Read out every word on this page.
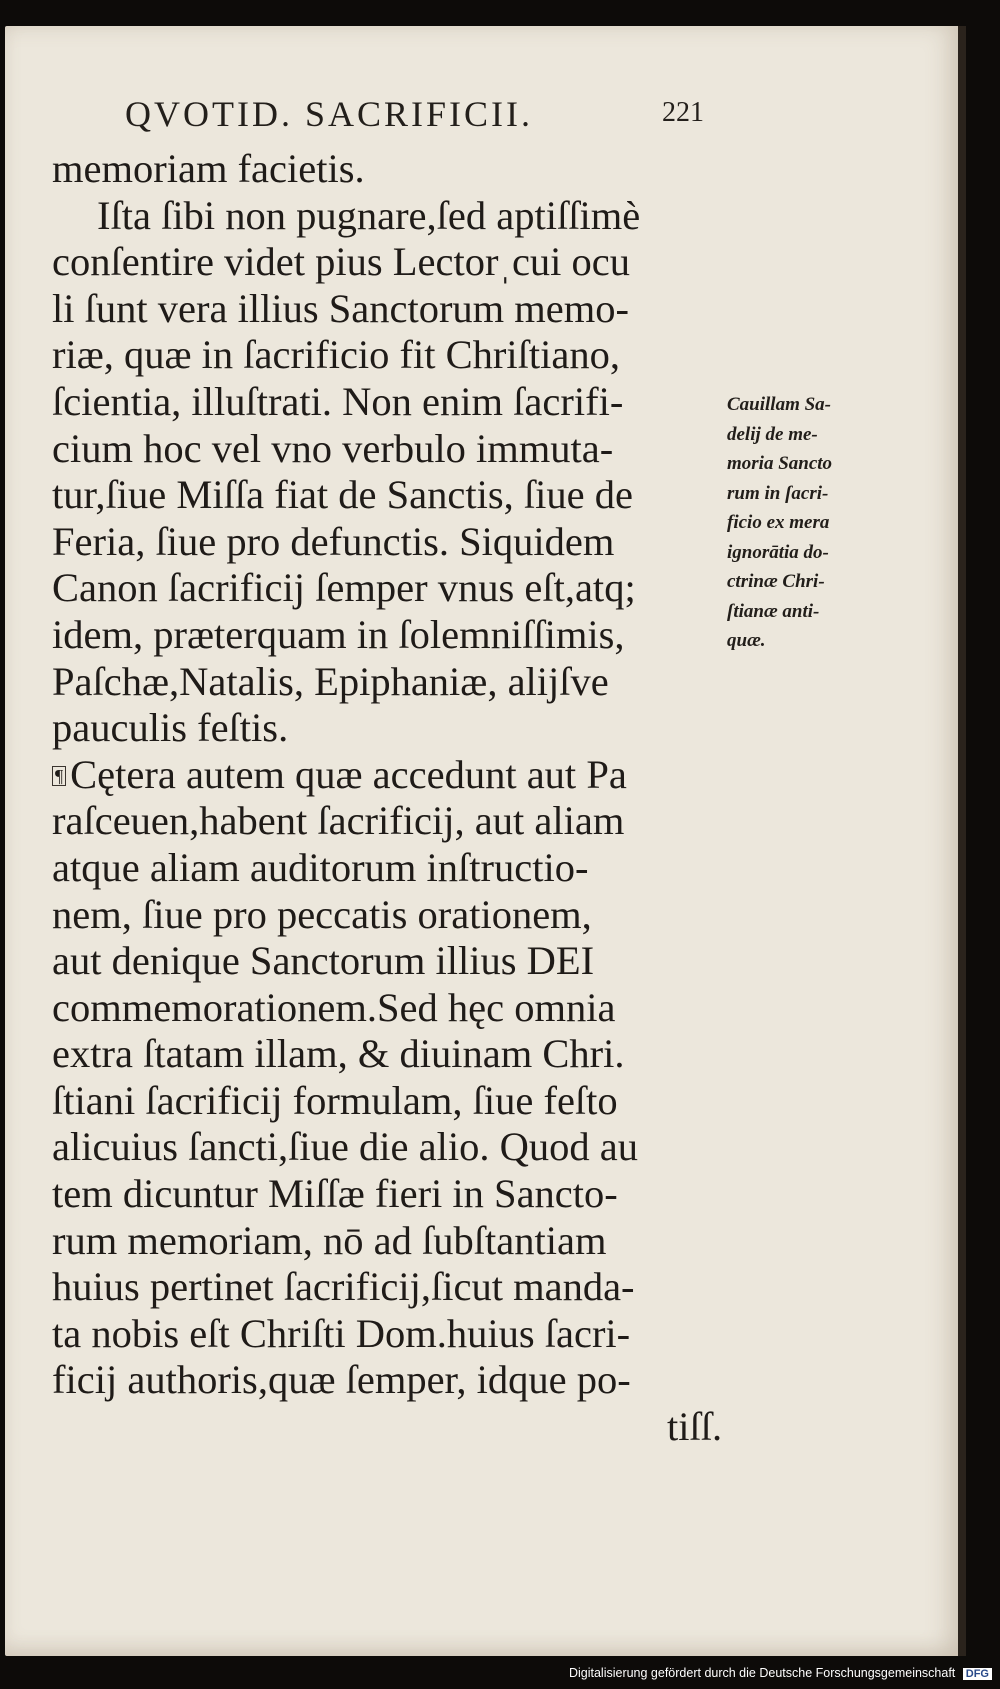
QVOTID. SACRIFICII.	221
memoriam facietis.
Iſta ſibi non pugnare,ſed aptiſſimè
conſentire videt pius Lectorˌcui ocu
li ſunt vera illius Sanctorum memo-
riæ, quæ in ſacrificio fit Chriſtiano,
ſcientia, illuſtrati. Non enim ſacrifi-
cium hoc vel vno verbulo immuta-
tur,ſiue Miſſa fiat de Sanctis, ſiue de
Feria, ſiue pro defunctis. Siquidem
Canon ſacrificij ſemper vnus eſt,atq;
idem, præterquam in ſolemniſſimis,
Paſchæ,Natalis, Epiphaniæ, alijſve
pauculis feſtis.
¶ Cętera autem quæ accedunt aut Pa
raſceuen,habent ſacrificij, aut aliam
atque aliam auditorum inſtructio-
nem, ſiue pro peccatis orationem,
aut denique Sanctorum illius DEI
commemorationem.Sed hęc omnia
extra ſtatam illam, & diuinam Chri.
ſtiani ſacrificij formulam, ſiue feſto
alicuius ſancti,ſiue die alio. Quod au
tem dicuntur Miſſæ fieri in Sancto-
rum memoriam, nō ad ſubſtantiam
huius pertinet ſacrificij,ſicut manda-
ta nobis eſt Chriſti Dom.huius ſacri-
ficij authoris,quæ ſemper, idque po-
tiſſ.
Cauillam Sa-
delij de me-
moria Sancto
rum in ſacri-
ficio ex mera
ignorātia do-
ctrinæ Chri-
ſtianæ anti-
quæ.
Digitalisierung gefördert durch die Deutsche Forschungsgemeinschaft DFG
